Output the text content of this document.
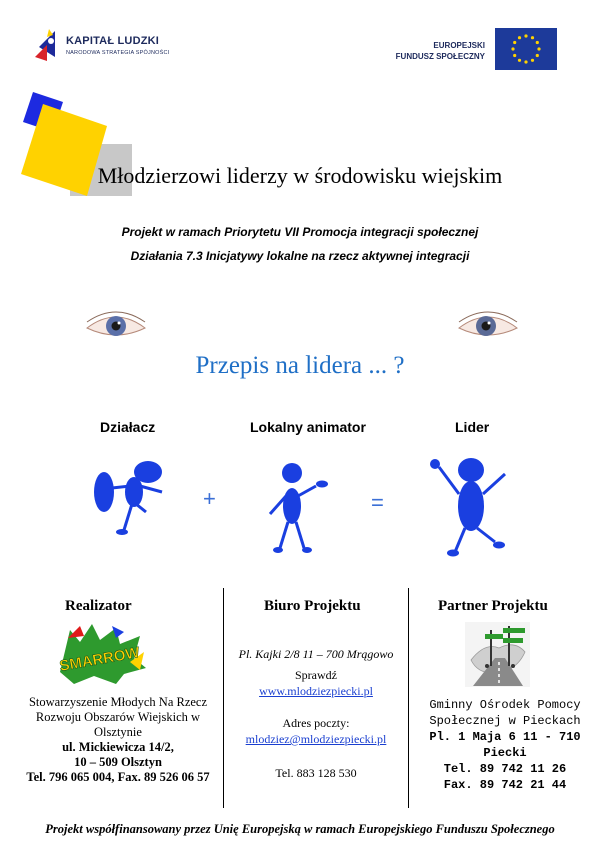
KAPITAŁ LUDZKI
NARODOWA STRATEGIA SPÓJNOŚCI
EUROPEJSKI
FUNDUSZ SPOŁECZNY
Młodzierzowi liderzy w środowisku wiejskim
Projekt w ramach Priorytetu VII Promocja integracji społecznej
Działania 7.3 Inicjatywy lokalne na rzecz aktywnej integracji
Przepis na lidera ... ?
Działacz	Lokalny animator	Lider
+	=
Realizator	Biuro Projektu	Partner Projektu
SMARROW
Stowarzyszenie Młodych Na Rzecz
Rozwoju Obszarów Wiejskich w
Olsztynie
ul. Mickiewicza 14/2,
10 – 509 Olsztyn
Tel. 796 065 004, Fax. 89 526 06 57
Pl. Kajki 2/8 11 – 700 Mrągowo
Sprawdź
www.mlodziezpiecki.pl
Adres poczty:
mlodziez@mlodziezpiecki.pl
Tel. 883 128 530
Gminny Ośrodek Pomocy
Społecznej w Pieckach
Pl. 1 Maja 6 11 - 710 Piecki
Tel. 89 742 11 26
Fax. 89 742 21 44
Projekt współfinansowany przez Unię Europejską w ramach Europejskiego Funduszu Społecznego
